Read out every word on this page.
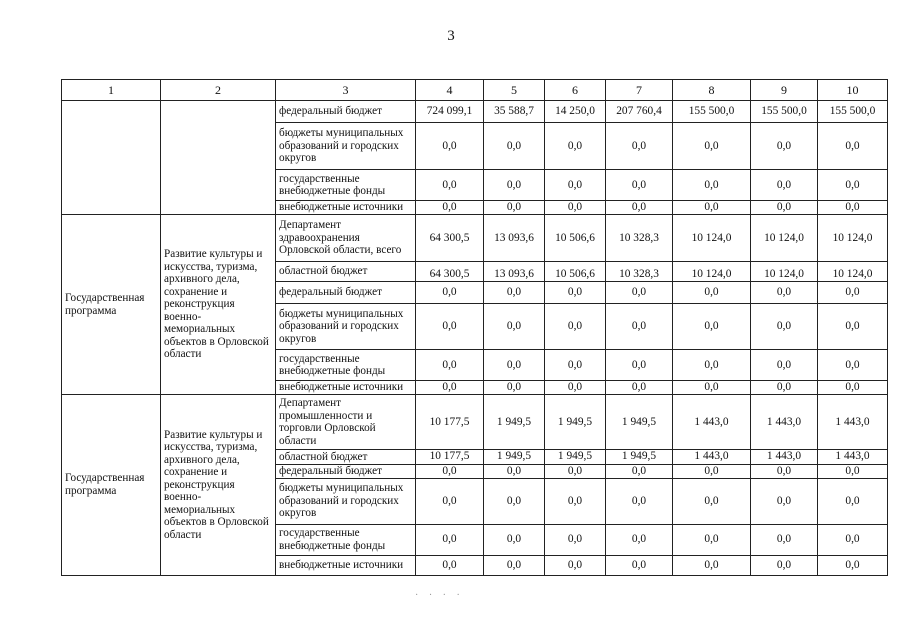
3
1	2	3	4	5	6	7	8	9	10
		федеральный бюджет	724 099,1	35 588,7	14 250,0	207 760,4	155 500,0	155 500,0	155 500,0
		бюджеты муниципальных образований и городских округов	0,0	0,0	0,0	0,0	0,0	0,0	0,0
		государственные внебюджетные фонды	0,0	0,0	0,0	0,0	0,0	0,0	0,0
		внебюджетные источники	0,0	0,0	0,0	0,0	0,0	0,0	0,0
Государственная программа	Развитие культуры и искусства, туризма, архивного дела, сохранение и реконструкция военно-мемориальных объектов в Орловской области	Департамент здравоохранения Орловской области, всего	64 300,5	13 093,6	10 506,6	10 328,3	10 124,0	10 124,0	10 124,0
		областной бюджет	64 300,5	13 093,6	10 506,6	10 328,3	10 124,0	10 124,0	10 124,0
		федеральный бюджет	0,0	0,0	0,0	0,0	0,0	0,0	0,0
		бюджеты муниципальных образований и городских округов	0,0	0,0	0,0	0,0	0,0	0,0	0,0
		государственные внебюджетные фонды	0,0	0,0	0,0	0,0	0,0	0,0	0,0
		внебюджетные источники	0,0	0,0	0,0	0,0	0,0	0,0	0,0
Государственная программа	Развитие культуры и искусства, туризма, архивного дела, сохранение и реконструкция военно-мемориальных объектов в Орловской области	Департамент промышленности и торговли Орловской области	10 177,5	1 949,5	1 949,5	1 949,5	1 443,0	1 443,0	1 443,0
		областной бюджет	10 177,5	1 949,5	1 949,5	1 949,5	1 443,0	1 443,0	1 443,0
		федеральный бюджет	0,0	0,0	0,0	0,0	0,0	0,0	0,0
		бюджеты муниципальных образований и городских округов	0,0	0,0	0,0	0,0	0,0	0,0	0,0
		государственные внебюджетные фонды	0,0	0,0	0,0	0,0	0,0	0,0	0,0
		внебюджетные источники	0,0	0,0	0,0	0,0	0,0	0,0	0,0
· · · ·
